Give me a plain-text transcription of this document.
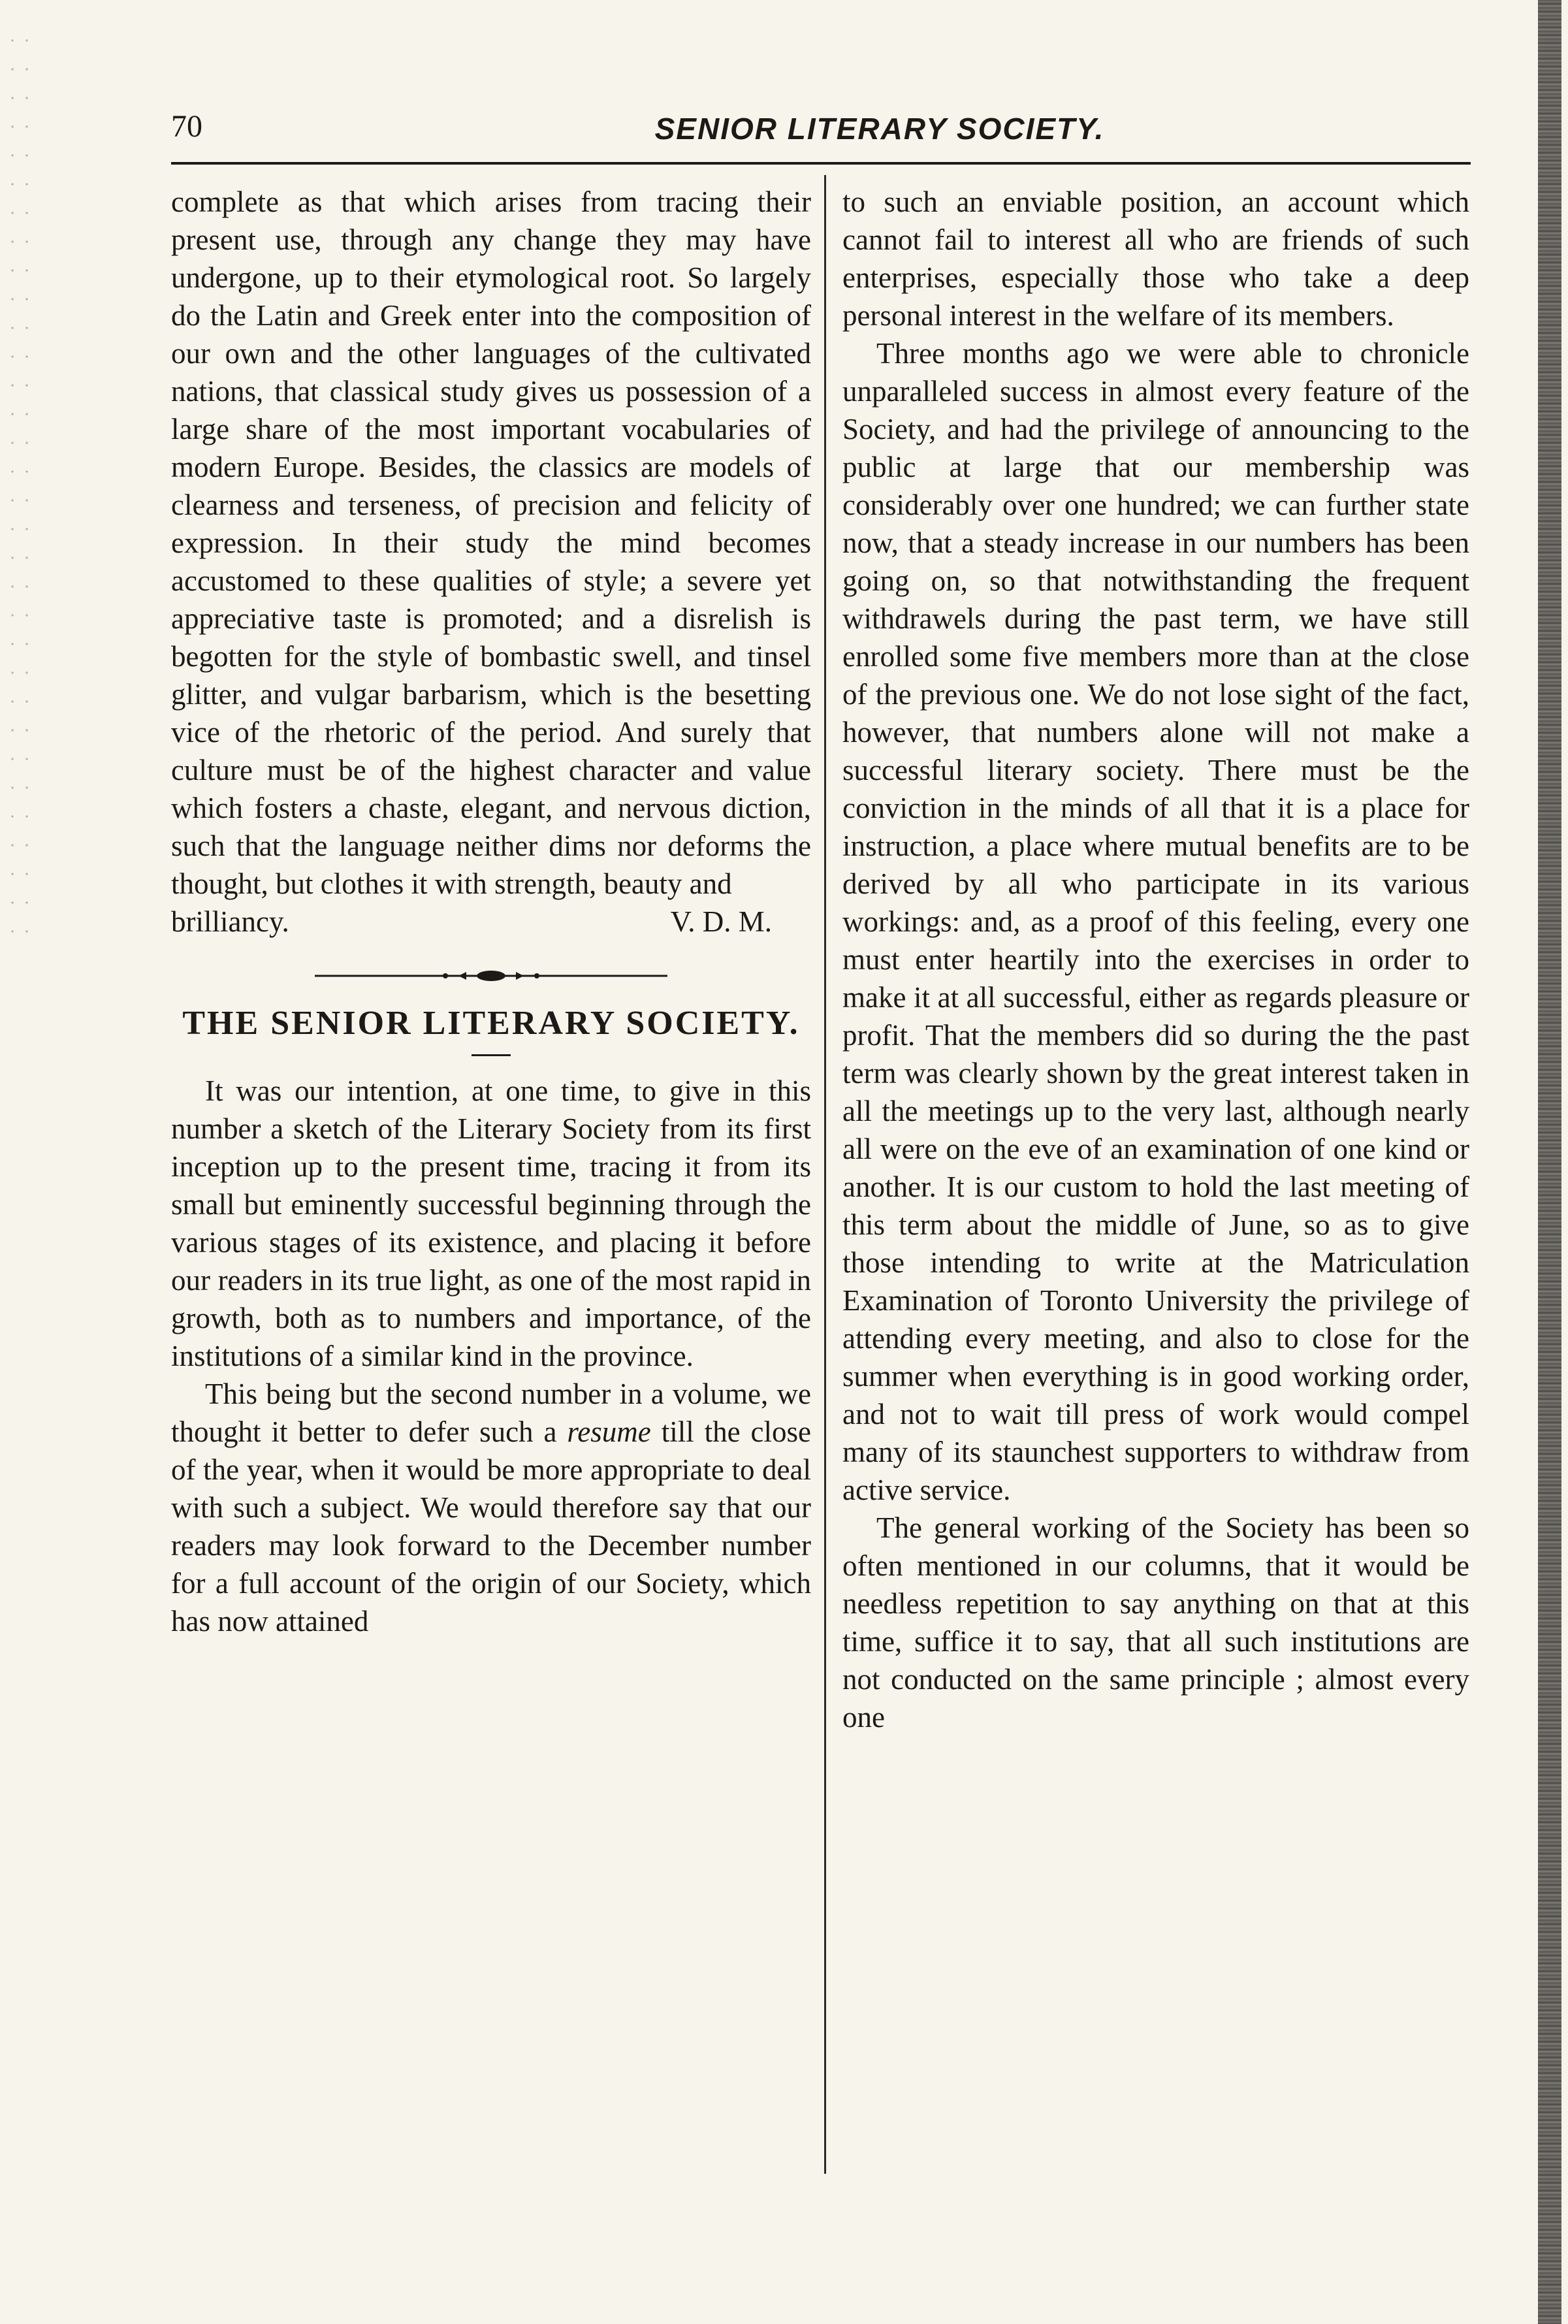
70	SENIOR LITERARY SOCIETY.

complete as that which arises from tracing their present use, through any change they may have undergone, up to their etymological root. So largely do the Latin and Greek enter into the composition of our own and the other languages of the cultivated nations, that classical study gives us possession of a large share of the most important vocabularies of modern Europe. Besides, the classics are models of clearness and terseness, of precision and felicity of expression. In their study the mind becomes accustomed to these qualities of style; a severe yet appreciative taste is promoted; and a disrelish is begotten for the style of bombastic swell, and tinsel glitter, and vulgar barbarism, which is the besetting vice of the rhetoric of the period. And surely that culture must be of the highest character and value which fosters a chaste, elegant, and nervous diction, such that the language neither dims nor deforms the thought, but clothes it with strength, beauty and

brilliancy.	V. D. M.
THE SENIOR LITERARY SOCIETY.

It was our intention, at one time, to give in this number a sketch of the Literary Society from its first inception up to the present time, tracing it from its small but eminently successful beginning through the various stages of its existence, and placing it before our readers in its true light, as one of the most rapid in growth, both as to numbers and importance, of the institutions of a similar kind in the province.

This being but the second number in a volume, we thought it better to defer such a resume till the close of the year, when it would be more appropriate to deal with such a subject. We would therefore say that our readers may look forward to the December number for a full account of the origin of our Society, which has now attained

to such an enviable position, an account which cannot fail to interest all who are friends of such enterprises, especially those who take a deep personal interest in the welfare of its members.

Three months ago we were able to chronicle unparalleled success in almost every feature of the Society, and had the privilege of announcing to the public at large that our membership was considerably over one hundred; we can further state now, that a steady increase in our numbers has been going on, so that notwithstanding the frequent withdrawels during the past term, we have still enrolled some five members more than at the close of the previous one. We do not lose sight of the fact, however, that numbers alone will not make a successful literary society. There must be the conviction in the minds of all that it is a place for instruction, a place where mutual benefits are to be derived by all who participate in its various workings: and, as a proof of this feeling, every one must enter heartily into the exercises in order to make it at all successful, either as regards pleasure or profit. That the members did so during the the past term was clearly shown by the great interest taken in all the meetings up to the very last, although nearly all were on the eve of an examination of one kind or another. It is our custom to hold the last meeting of this term about the middle of June, so as to give those intending to write at the Matriculation Examination of Toronto University the privilege of attending every meeting, and also to close for the summer when everything is in good working order, and not to wait till press of work would compel many of its staunchest supporters to withdraw from active service.

The general working of the Society has been so often mentioned in our columns, that it would be needless repetition to say anything on that at this time, suffice it to say, that all such institutions are not conducted on the same principle ; almost every one
